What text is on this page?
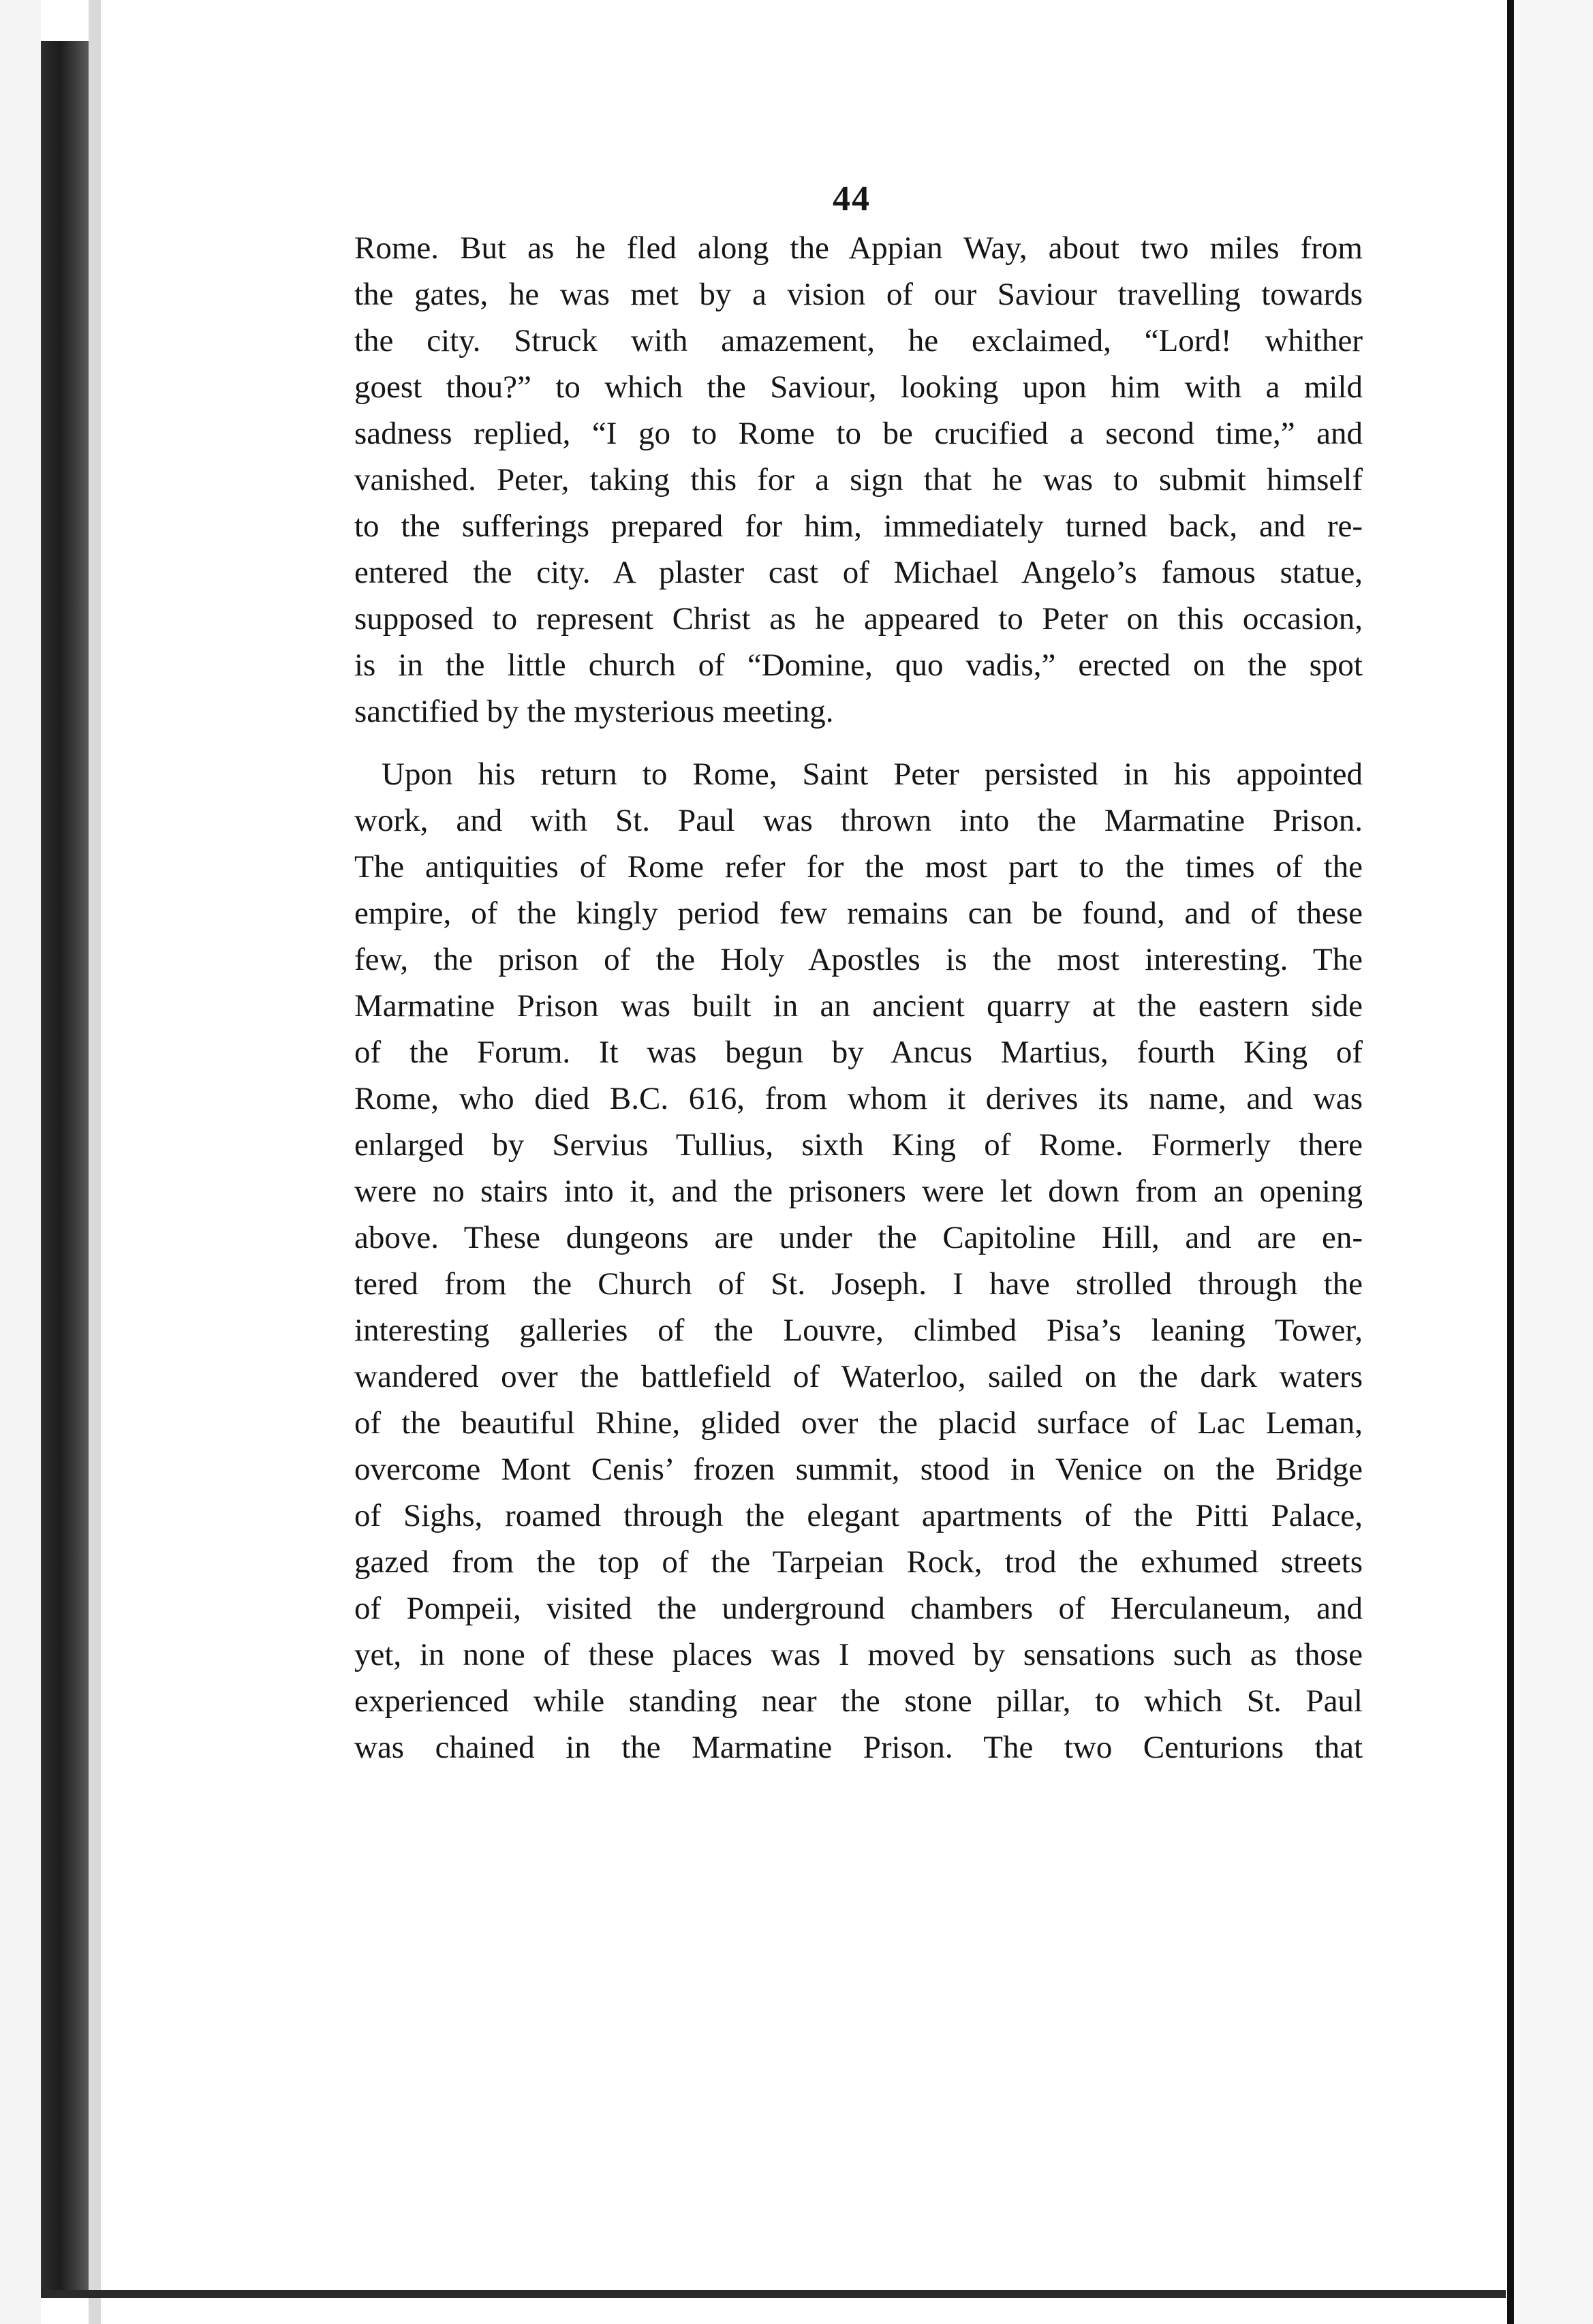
44
Rome. But as he fled along the Appian Way, about two miles from
the gates, he was met by a vision of our Saviour travelling towards
the city. Struck with amazement, he exclaimed, “Lord! whither
goest thou?” to which the Saviour, looking upon him with a mild
sadness replied, “I go to Rome to be crucified a second time,” and
vanished. Peter, taking this for a sign that he was to submit himself
to the sufferings prepared for him, immediately turned back, and re-
entered the city. A plaster cast of Michael Angelo’s famous statue,
supposed to represent Christ as he appeared to Peter on this occasion,
is in the little church of “Domine, quo vadis,” erected on the spot
sanctified by the mysterious meeting.
Upon his return to Rome, Saint Peter persisted in his appointed
work, and with St. Paul was thrown into the Marmatine Prison.
The antiquities of Rome refer for the most part to the times of the
empire, of the kingly period few remains can be found, and of these
few, the prison of the Holy Apostles is the most interesting. The
Marmatine Prison was built in an ancient quarry at the eastern side
of the Forum. It was begun by Ancus Martius, fourth King of
Rome, who died B.C. 616, from whom it derives its name, and was
enlarged by Servius Tullius, sixth King of Rome. Formerly there
were no stairs into it, and the prisoners were let down from an opening
above. These dungeons are under the Capitoline Hill, and are en-
tered from the Church of St. Joseph. I have strolled through the
interesting galleries of the Louvre, climbed Pisa’s leaning Tower,
wandered over the battlefield of Waterloo, sailed on the dark waters
of the beautiful Rhine, glided over the placid surface of Lac Leman,
overcome Mont Cenis’ frozen summit, stood in Venice on the Bridge
of Sighs, roamed through the elegant apartments of the Pitti Palace,
gazed from the top of the Tarpeian Rock, trod the exhumed streets
of Pompeii, visited the underground chambers of Herculaneum, and
yet, in none of these places was I moved by sensations such as those
experienced while standing near the stone pillar, to which St. Paul
was chained in the Marmatine Prison. The two Centurions that
